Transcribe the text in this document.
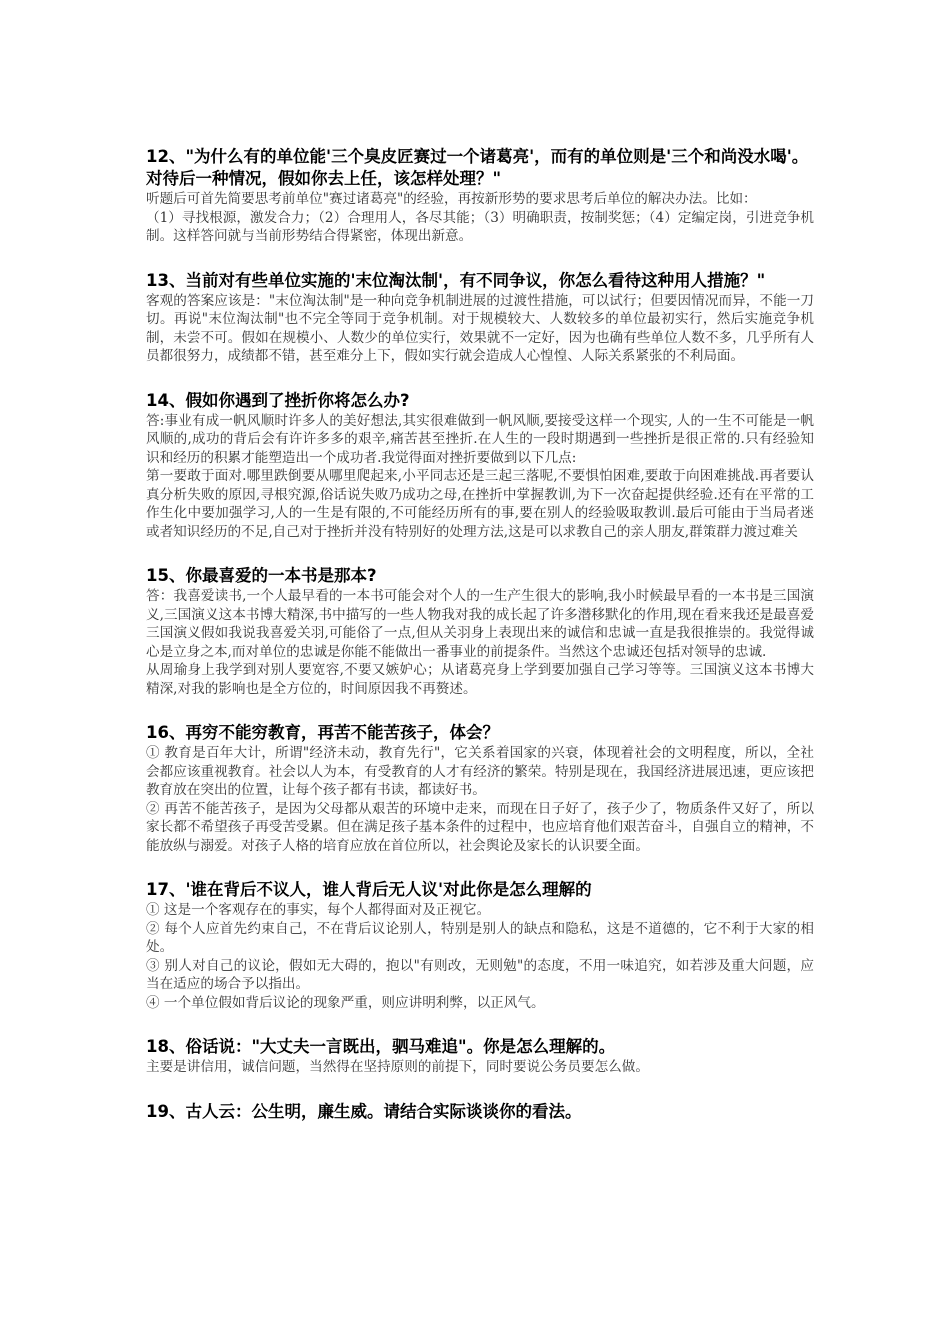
12、"为什么有的单位能'三个臭皮匠赛过一个诸葛亮'，而有的单位则是'三个和尚没水喝'。对待后一种情况，假如你去上任，该怎样处理？"

听题后可首先简要思考前单位"赛过诸葛亮"的经验，再按新形势的要求思考后单位的解决办法。比如：

（1）寻找根源，激发合力；（2）合理用人，各尽其能；（3）明确职责，按制奖惩；（4）定编定岗，引进竞争机制。这样答问就与当前形势结合得紧密，体现出新意。

13、当前对有些单位实施的'末位淘汰制'，有不同争议，你怎么看待这种用人措施？"

客观的答案应该是："末位淘汰制"是一种向竞争机制进展的过渡性措施，可以试行；但要因情况而异，不能一刀切。再说"末位淘汰制"也不完全等同于竞争机制。对于规模较大、人数较多的单位最初实行，然后实施竞争机制，未尝不可。假如在规模小、人数少的单位实行，效果就不一定好，因为也确有些单位人数不多，几乎所有人员都很努力，成绩都不错，甚至难分上下，假如实行就会造成人心惶惶、人际关系紧张的不利局面。

14、假如你遇到了挫折你将怎么办?

答:事业有成一帆风顺时许多人的美好想法,其实很难做到一帆风顺,要接受这样一个现实, 人的一生不可能是一帆风顺的,成功的背后会有许许多多的艰辛,痛苦甚至挫折.在人生的一段时期遇到一些挫折是很正常的.只有经验知识和经历的积累才能塑造出一个成功者.我觉得面对挫折要做到以下几点:

第一要敢于面对.哪里跌倒要从哪里爬起来,小平同志还是三起三落呢,不要惧怕困难,要敢于向困难挑战.再者要认真分析失败的原因,寻根究源,俗话说失败乃成功之母,在挫折中掌握教训,为下一次奋起提供经验.还有在平常的工作生化中要加强学习,人的一生是有限的,不可能经历所有的事,要在别人的经验吸取教训.最后可能由于当局者迷或者知识经历的不足,自己对于挫折并没有特别好的处理方法,这是可以求教自己的亲人朋友,群策群力渡过难关

15、你最喜爱的一本书是那本?

答：我喜爱读书,一个人最早看的一本书可能会对个人的一生产生很大的影响,我小时候最早看的一本书是三国演义,三国演义这本书博大精深,书中描写的一些人物我对我的成长起了许多潜移默化的作用,现在看来我还是最喜爱三国演义假如我说我喜爱关羽,可能俗了一点,但从关羽身上表现出来的诚信和忠诚一直是我很推崇的。我觉得诚心是立身之本,而对单位的忠诚是你能不能做出一番事业的前提条件。当然这个忠诚还包括对领导的忠诚.

从周瑜身上我学到对别人要宽容,不要又嫉妒心；从诸葛亮身上学到要加强自己学习等等。三国演义这本书博大精深,对我的影响也是全方位的，时间原因我不再赘述。

16、再穷不能穷教育，再苦不能苦孩子，体会？

① 教育是百年大计，所谓"经济未动，教育先行"，它关系着国家的兴衰，体现着社会的文明程度，所以，全社会都应该重视教育。社会以人为本，有受教育的人才有经济的繁荣。特别是现在，我国经济进展迅速，更应该把教育放在突出的位置，让每个孩子都有书读，都读好书。

② 再苦不能苦孩子，是因为父母都从艰苦的环境中走来，而现在日子好了，孩子少了，物质条件又好了，所以家长都不希望孩子再受苦受累。但在满足孩子基本条件的过程中，也应培育他们艰苦奋斗，自强自立的精神，不能放纵与溺爱。对孩子人格的培育应放在首位所以，社会舆论及家长的认识要全面。

17、'谁在背后不议人，谁人背后无人议'对此你是怎么理解的

① 这是一个客观存在的事实，每个人都得面对及正视它。

② 每个人应首先约束自己，不在背后议论别人，特别是别人的缺点和隐私，这是不道德的，它不利于大家的相处。

③ 别人对自己的议论，假如无大碍的，抱以"有则改，无则勉"的态度，不用一味追究，如若涉及重大问题，应当在适应的场合予以指出。

④ 一个单位假如背后议论的现象严重，则应讲明利弊，以正风气。

18、俗话说："大丈夫一言既出，驷马难追"。你是怎么理解的。

主要是讲信用，诚信问题，当然得在坚持原则的前提下，同时要说公务员要怎么做。

19、古人云：公生明，廉生威。请结合实际谈谈你的看法。
